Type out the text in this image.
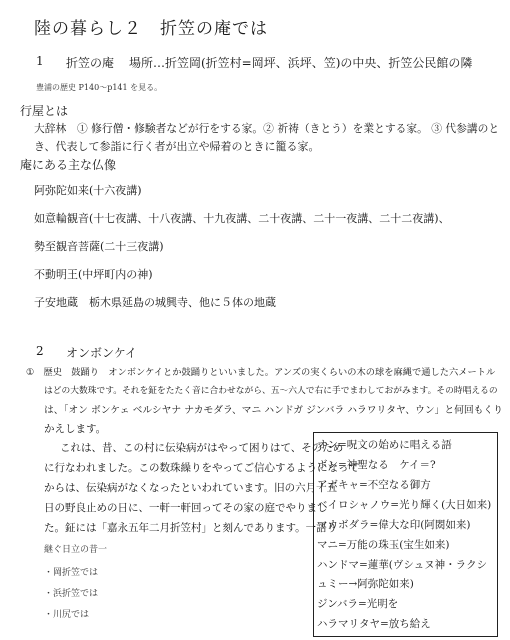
陸の暮らし２　折笠の庵では
1 折笠の庵 場所…折笠岡(折笠村=岡坪、浜坪、笠)の中央、折笠公民館の隣
豊浦の歴史 P140～p141 を見る。
行屋とは
大辞林　① 修行僧・修験者などが行をする家。② 祈祷（きとう）を業とする家。 ③ 代参講のと
き、代表して参詣に行く者が出立や帰着のときに籠る家。
庵にある主な仏像
阿弥陀如来(十六夜講)
如意輪観音(十七夜講、十八夜講、十九夜講、二十夜講、二十一夜講、二十二夜講)、
勢至観音菩薩(二十三夜講)
不動明王(中坪町内の神)
子安地蔵　栃木県延島の城興寺、他に５体の地蔵
2 オンボンケイ
①　歴史　鼓踊り　オンボンケイとか鼓踊りといいました。アンズの実くらいの木の球を麻縄で通した六メートル
はどの大数珠です。それを鉦をたたく音に合わせながら、五～六人で右に手でまわしておがみます。その時唱えるの
は、「オン ボンケェ ベルシヤナ ナカモダラ、マニ ハンドガ ジンバラ ハラワリタヤ、ウン」と何回もくり
かえします。
これは、昔、この村に伝染病がはやって困りはて、そのため
に行なわれました。この数珠繰りをやってご信心するようになって
からは、伝染病がなくなったといわれています。旧の六月十五
日の野良止めの日に、一軒一軒回ってその家の庭でやりまし
た。鉦には「嘉永五年二月折笠村」と刻んであります。一語り
継ぐ日立の昔一
・岡折笠では
・浜折笠では
・川尻では
オン=呪文の始めに唱える語
ボン=神聖なる　ケイ＝?
アボキャ=不空なる御方
ベイロシャノウ=光り輝く(大日如来)
マカボダラ=偉大な印(阿閦如来)
マニ=万能の珠玉(宝生如来)
ハンドマ=蓮華(ヴシュヌ神・ラクシ
ュミー→阿弥陀如来)
ジンバラ=光明を
ハラマリタヤ=放ち給え
